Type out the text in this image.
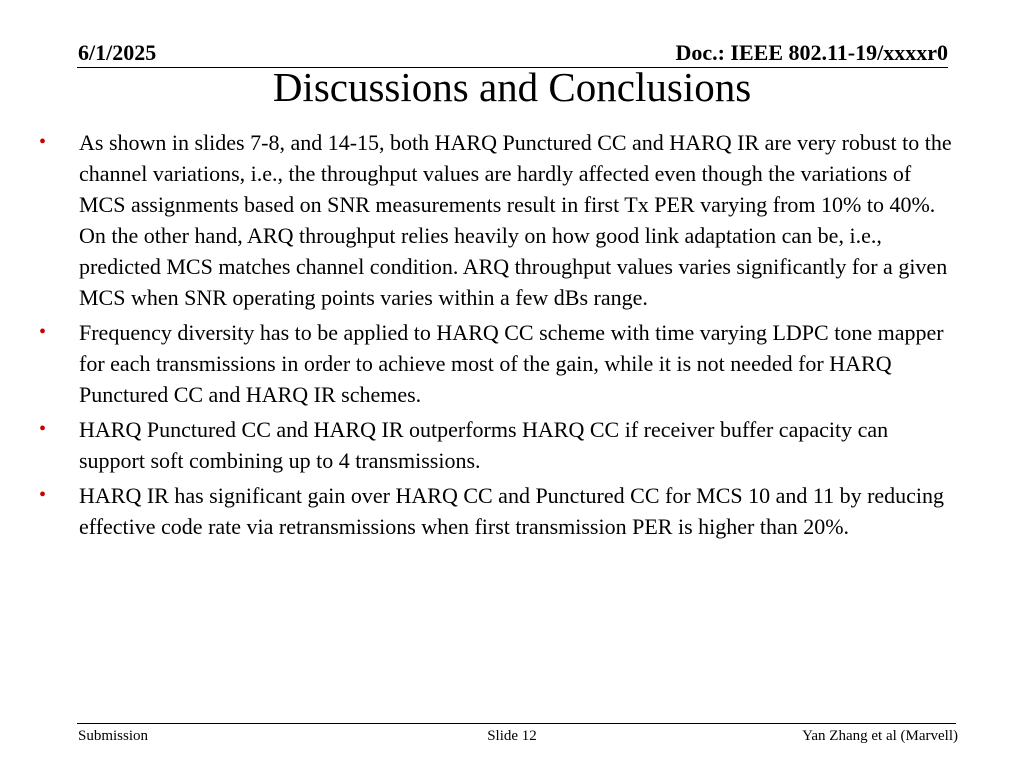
6/1/2025	Doc.: IEEE 802.11-19/xxxxr0
Discussions and Conclusions
• As shown in slides 7-8, and 14-15, both HARQ Punctured CC and HARQ IR are very robust to the channel variations, i.e., the throughput values are hardly affected even though the variations of MCS assignments based on SNR measurements result in first Tx PER varying from 10% to 40%. On the other hand, ARQ throughput relies heavily on how good link adaptation can be, i.e., predicted MCS matches channel condition. ARQ throughput values varies significantly for a given MCS when SNR operating points varies within a few dBs range.
• Frequency diversity has to be applied to HARQ CC scheme with time varying LDPC tone mapper for each transmissions in order to achieve most of the gain, while it is not needed for HARQ Punctured CC and HARQ IR schemes.
• HARQ Punctured CC and HARQ IR outperforms HARQ CC if receiver buffer capacity can support soft combining up to 4 transmissions.
• HARQ IR has significant gain over HARQ CC and Punctured CC for MCS 10 and 11 by reducing effective code rate via retransmissions when first transmission PER is higher than 20%.
Submission	Slide 12	Yan Zhang et al (Marvell)
